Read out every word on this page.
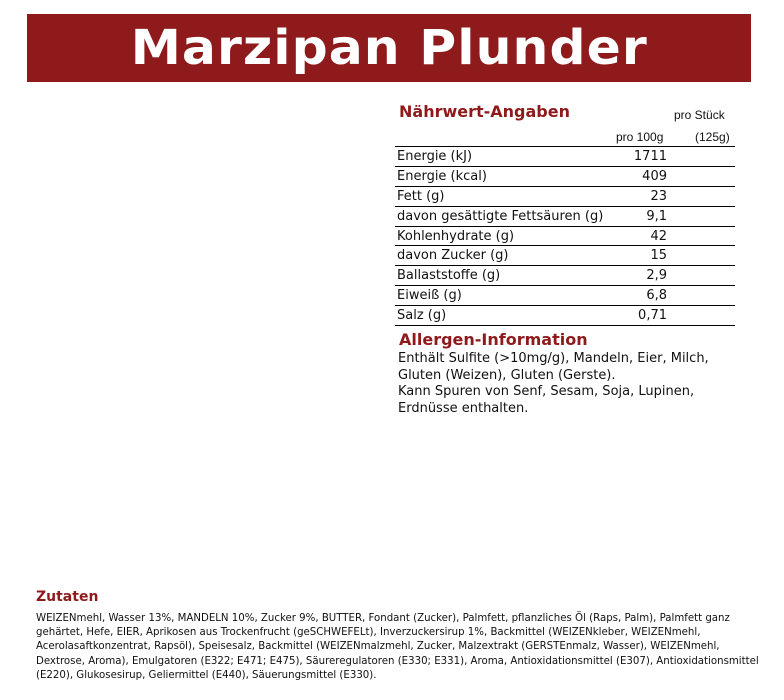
Marzipan Plunder
Nährwert-Angaben	pro Stück
pro 100g	(125g)
Energie (kJ)	1711
Energie (kcal)	409
Fett (g)	23
davon gesättigte Fettsäuren (g)	9,1
Kohlenhydrate (g)	42
davon Zucker (g)	15
Ballaststoffe (g)	2,9
Eiweiß (g)	6,8
Salz (g)	0,71
Allergen-Information

Enthält Sulfite (>10mg/g), Mandeln, Eier, Milch, Gluten (Weizen), Gluten (Gerste).

Kann Spuren von Senf, Sesam, Soja, Lupinen, Erdnüsse enthalten.

Zutaten
WEIZENmehl, Wasser 13%, MANDELN 10%, Zucker 9%, BUTTER, Fondant (Zucker), Palmfett, pflanzliches Öl (Raps, Palm), Palmfett ganz gehärtet, Hefe, EIER, Aprikosen aus Trockenfrucht (geSCHWEFELt), Inverzuckersirup 1%, Backmittel (WEIZENkleber, WEIZENmehl, Acerolasaftkonzentrat, Rapsöl), Speisesalz, Backmittel (WEIZENmalzmehl, Zucker, Malzextrakt (GERSTEnmalz, Wasser), WEIZENmehl, Dextrose, Aroma), Emulgatoren (E322; E471; E475), Säureregulatoren (E330; E331), Aroma, Antioxidationsmittel (E307), Antioxidationsmittel (E220), Glukosesirup, Geliermittel (E440), Säuerungsmittel (E330).
